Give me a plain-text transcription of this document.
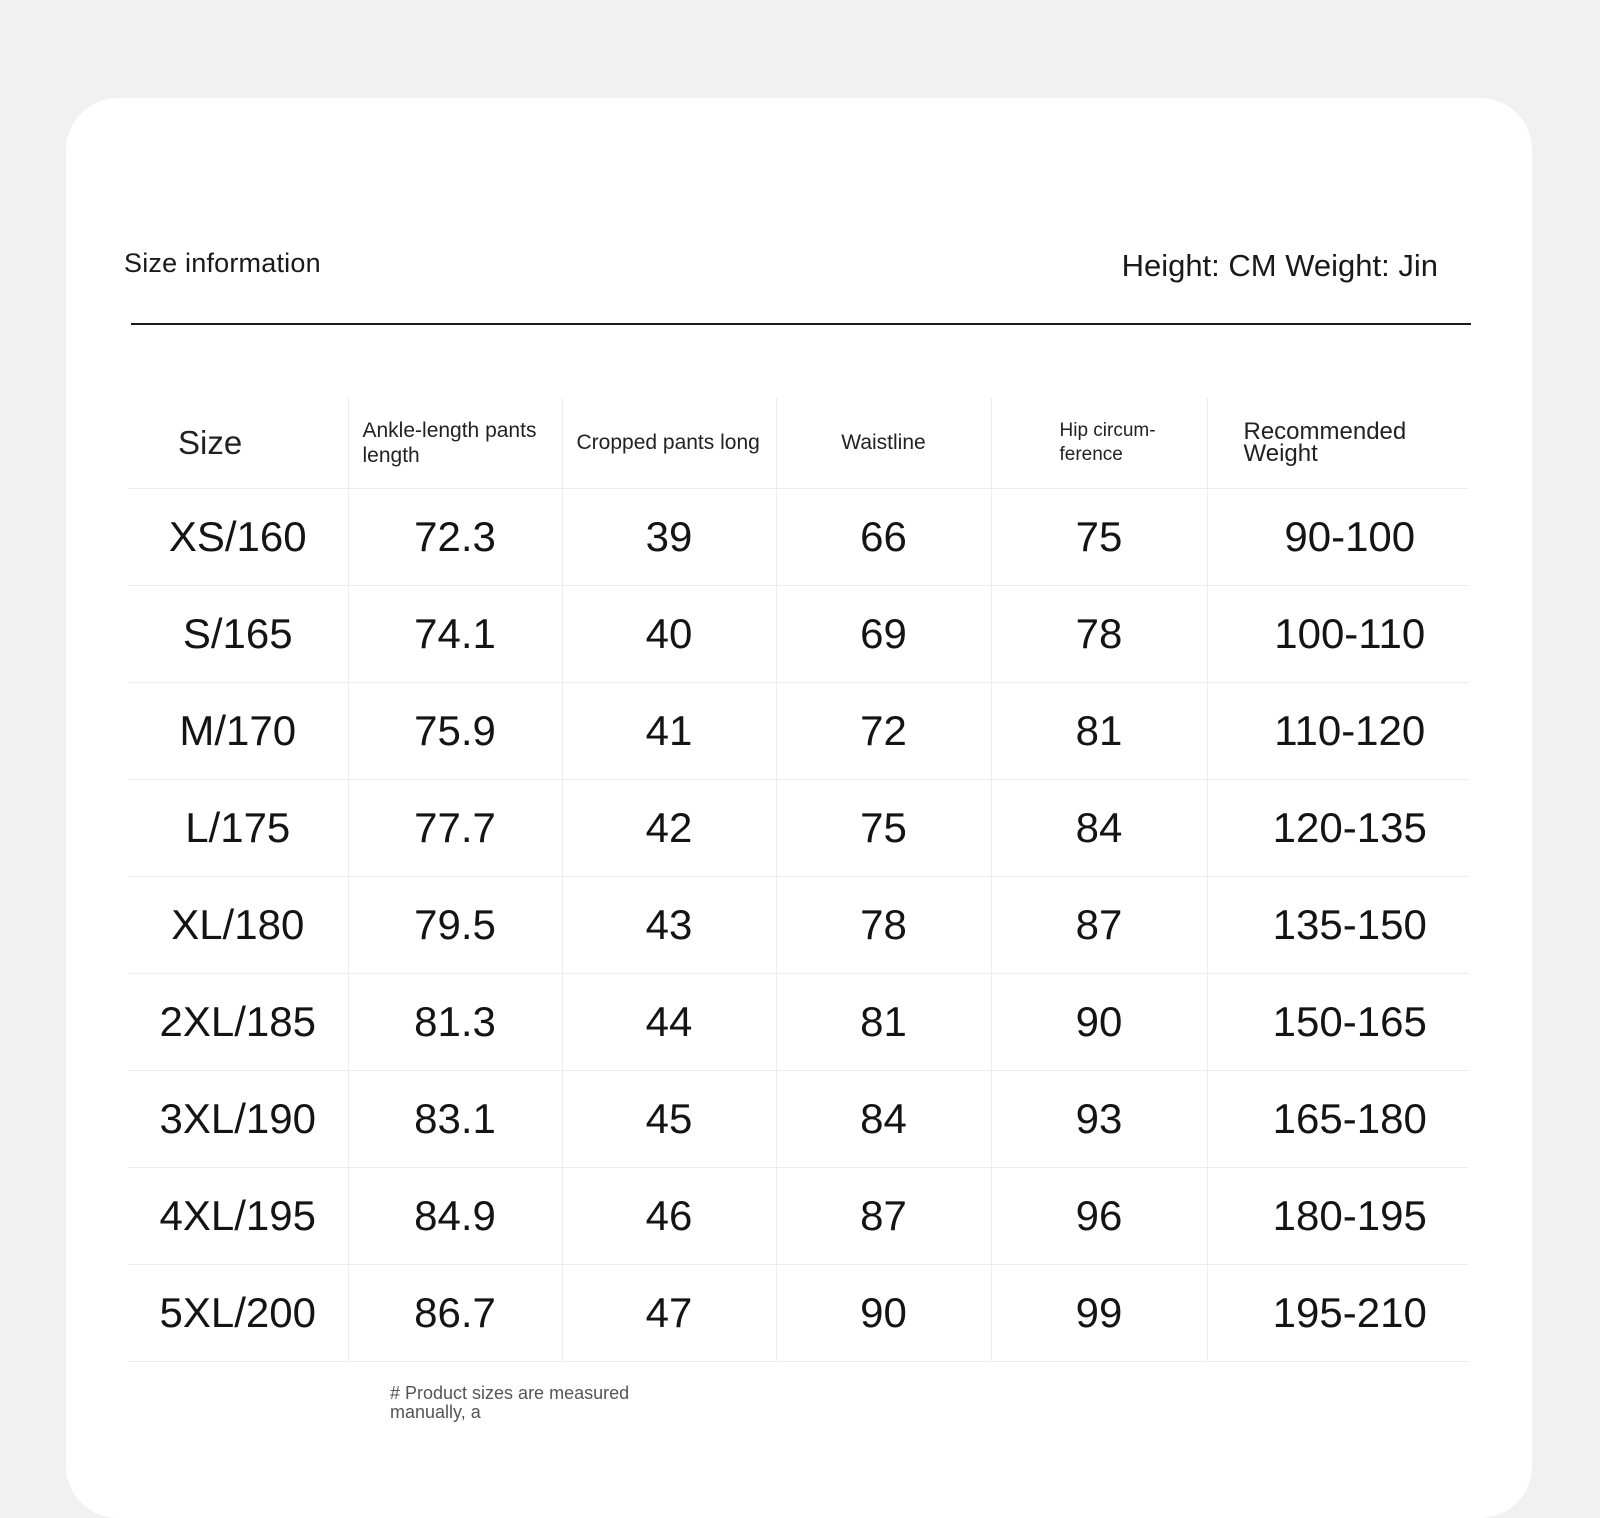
Size information	Height: CM Weight: Jin
Size	Ankle-length pants length	Cropped pants long	Waistline	Hip circum-ference	Recommended Weight
XS/160	72.3	39	66	75	90-100
S/165	74.1	40	69	78	100-110
M/170	75.9	41	72	81	110-120
L/175	77.7	42	75	84	120-135
XL/180	79.5	43	78	87	135-150
2XL/185	81.3	44	81	90	150-165
3XL/190	83.1	45	84	93	165-180
4XL/195	84.9	46	87	96	180-195
5XL/200	86.7	47	90	99	195-210
# Product sizes are measured manually, a
